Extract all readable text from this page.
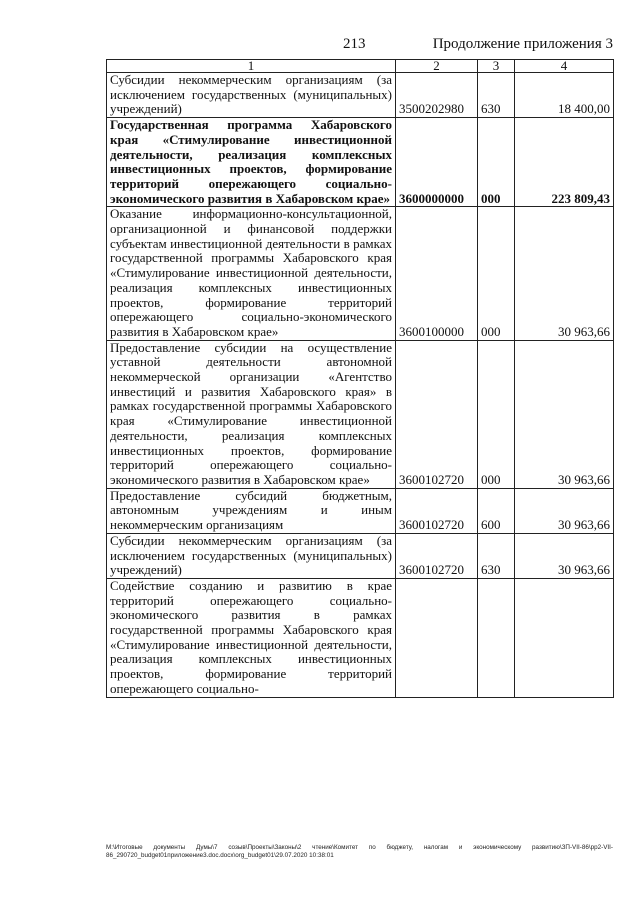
213	Продолжение приложения 3
1	2	3	4
Субсидии некоммерческим организациям (за исключением государственных (муниципальных) учреждений)	3500202980	630	18 400,00
Государственная программа Хабаровского края «Стимулирование инвестиционной деятельности, реализация комплексных инвестиционных проектов, формирование территорий опережающего социально-экономического развития в Хабаровском крае»	3600000000	000	223 809,43
Оказание информационно-консультационной, организационной и финансовой поддержки субъектам инвестиционной деятельности в рамках государственной программы Хабаровского края «Стимулирование инвестиционной деятельности, реализация комплексных инвестиционных проектов, формирование территорий опережающего социально-экономического развития в Хабаровском крае»	3600100000	000	30 963,66
Предоставление субсидии на осуществление уставной деятельности автономной некоммерческой организации «Агентство инвестиций и развития Хабаровского края» в рамках государственной программы Хабаровского края «Стимулирование инвестиционной деятельности, реализация комплексных инвестиционных проектов, формирование территорий опережающего социально-экономического развития в Хабаровском крае»	3600102720	000	30 963,66
Предоставление субсидий бюджетным, автономным учреждениям и иным некоммерческим организациям	3600102720	600	30 963,66
Субсидии некоммерческим организациям (за исключением государственных (муниципальных) учреждений)	3600102720	630	30 963,66
Содействие созданию и развитию в крае территорий опережающего социально-экономического развития в рамках государственной программы Хабаровского края «Стимулирование инвестиционной деятельности, реализация комплексных инвестиционных проектов, формирование территорий опережающего социально-			
M:\Итоговые документы Думы\7 созыв\Проекты\Законы\2 чтение\Комитет по бюджету, налогам и экономическому развитию\ЗП-VII-86\рр2-VII-86_290720_budget01приложение3.doc.docx\org_budget01\29.07.2020 10:38:01
